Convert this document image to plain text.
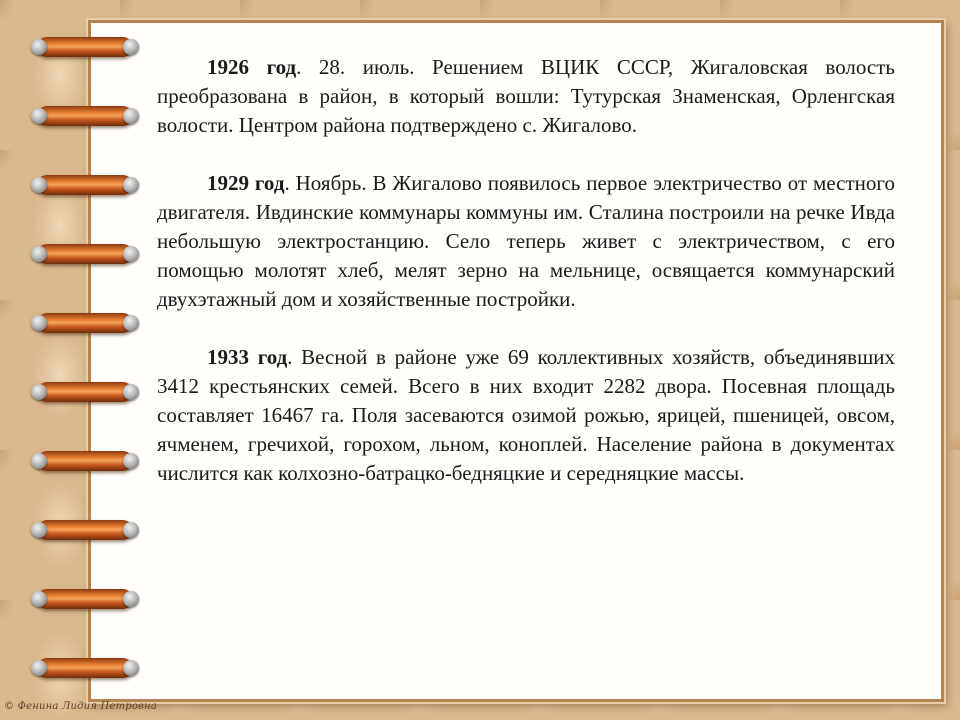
1926 год. 28. июль. Решением ВЦИК СССР, Жигаловская волость преобразована в район, в который вошли: Тутурская Знаменская, Орленгская волости. Центром района подтверждено с. Жигалово.

1929 год. Ноябрь. В Жигалово появилось первое электричество от местного двигателя. Ивдинские коммунары коммуны им. Сталина построили на речке Ивда небольшую электростанцию. Село теперь живет с электричеством, с его помощью молотят хлеб, мелят зерно на мельнице, освящается коммунарский двухэтажный дом и хозяйственные постройки.

1933 год. Весной в районе уже 69 коллективных хозяйств, объединявших 3412 крестьянских семей. Всего в них входит 2282 двора. Посевная площадь составляет 16467 га. Поля засеваются озимой рожью, ярицей, пшеницей, овсом, ячменем, гречихой, горохом, льном, коноплей. Население района в документах числится как колхозно-батрацко-бедняцкие и середняцкие массы.

© Фенина Лидия Петровна
